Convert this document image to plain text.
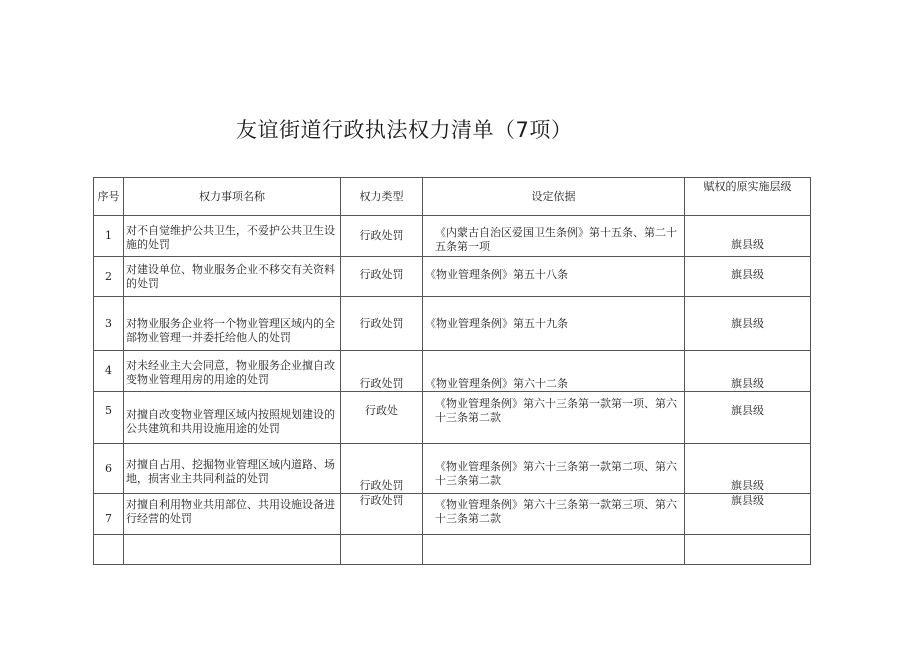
友谊街道行政执法权力清单（7项）
序号	权力事项名称	权力类型	设定依据	赋权的原实施层级
1	对不自觉维护公共卫生，不爱护公共卫生设施的处罚	行政处罚	《内蒙古自治区爱国卫生条例》第十五条、第二十五条第一项	旗县级
2	对建设单位、物业服务企业不移交有关资料的处罚	行政处罚	《物业管理条例》第五十八条	旗县级
3	对物业服务企业将一个物业管理区域内的全部物业管理一并委托给他人的处罚	行政处罚	《物业管理条例》第五十九条	旗县级
4	对未经业主大会同意，物业服务企业擅自改变物业管理用房的用途的处罚	行政处罚	《物业管理条例》第六十二条	旗县级
5	对擅自改变物业管理区域内按照规划建设的公共建筑和共用设施用途的处罚	行政处	《物业管理条例》第六十三条第一款第一项、第六十三条第二款	旗县级
6	对擅自占用、挖掘物业管理区域内道路、场地，损害业主共同利益的处罚	行政处罚	《物业管理条例》第六十三条第一款第二项、第六十三条第二款	旗县级
7	对擅自利用物业共用部位、共用设施设备进行经营的处罚	行政处罚	《物业管理条例》第六十三条第一款第三项、第六十三条第二款	旗县级
